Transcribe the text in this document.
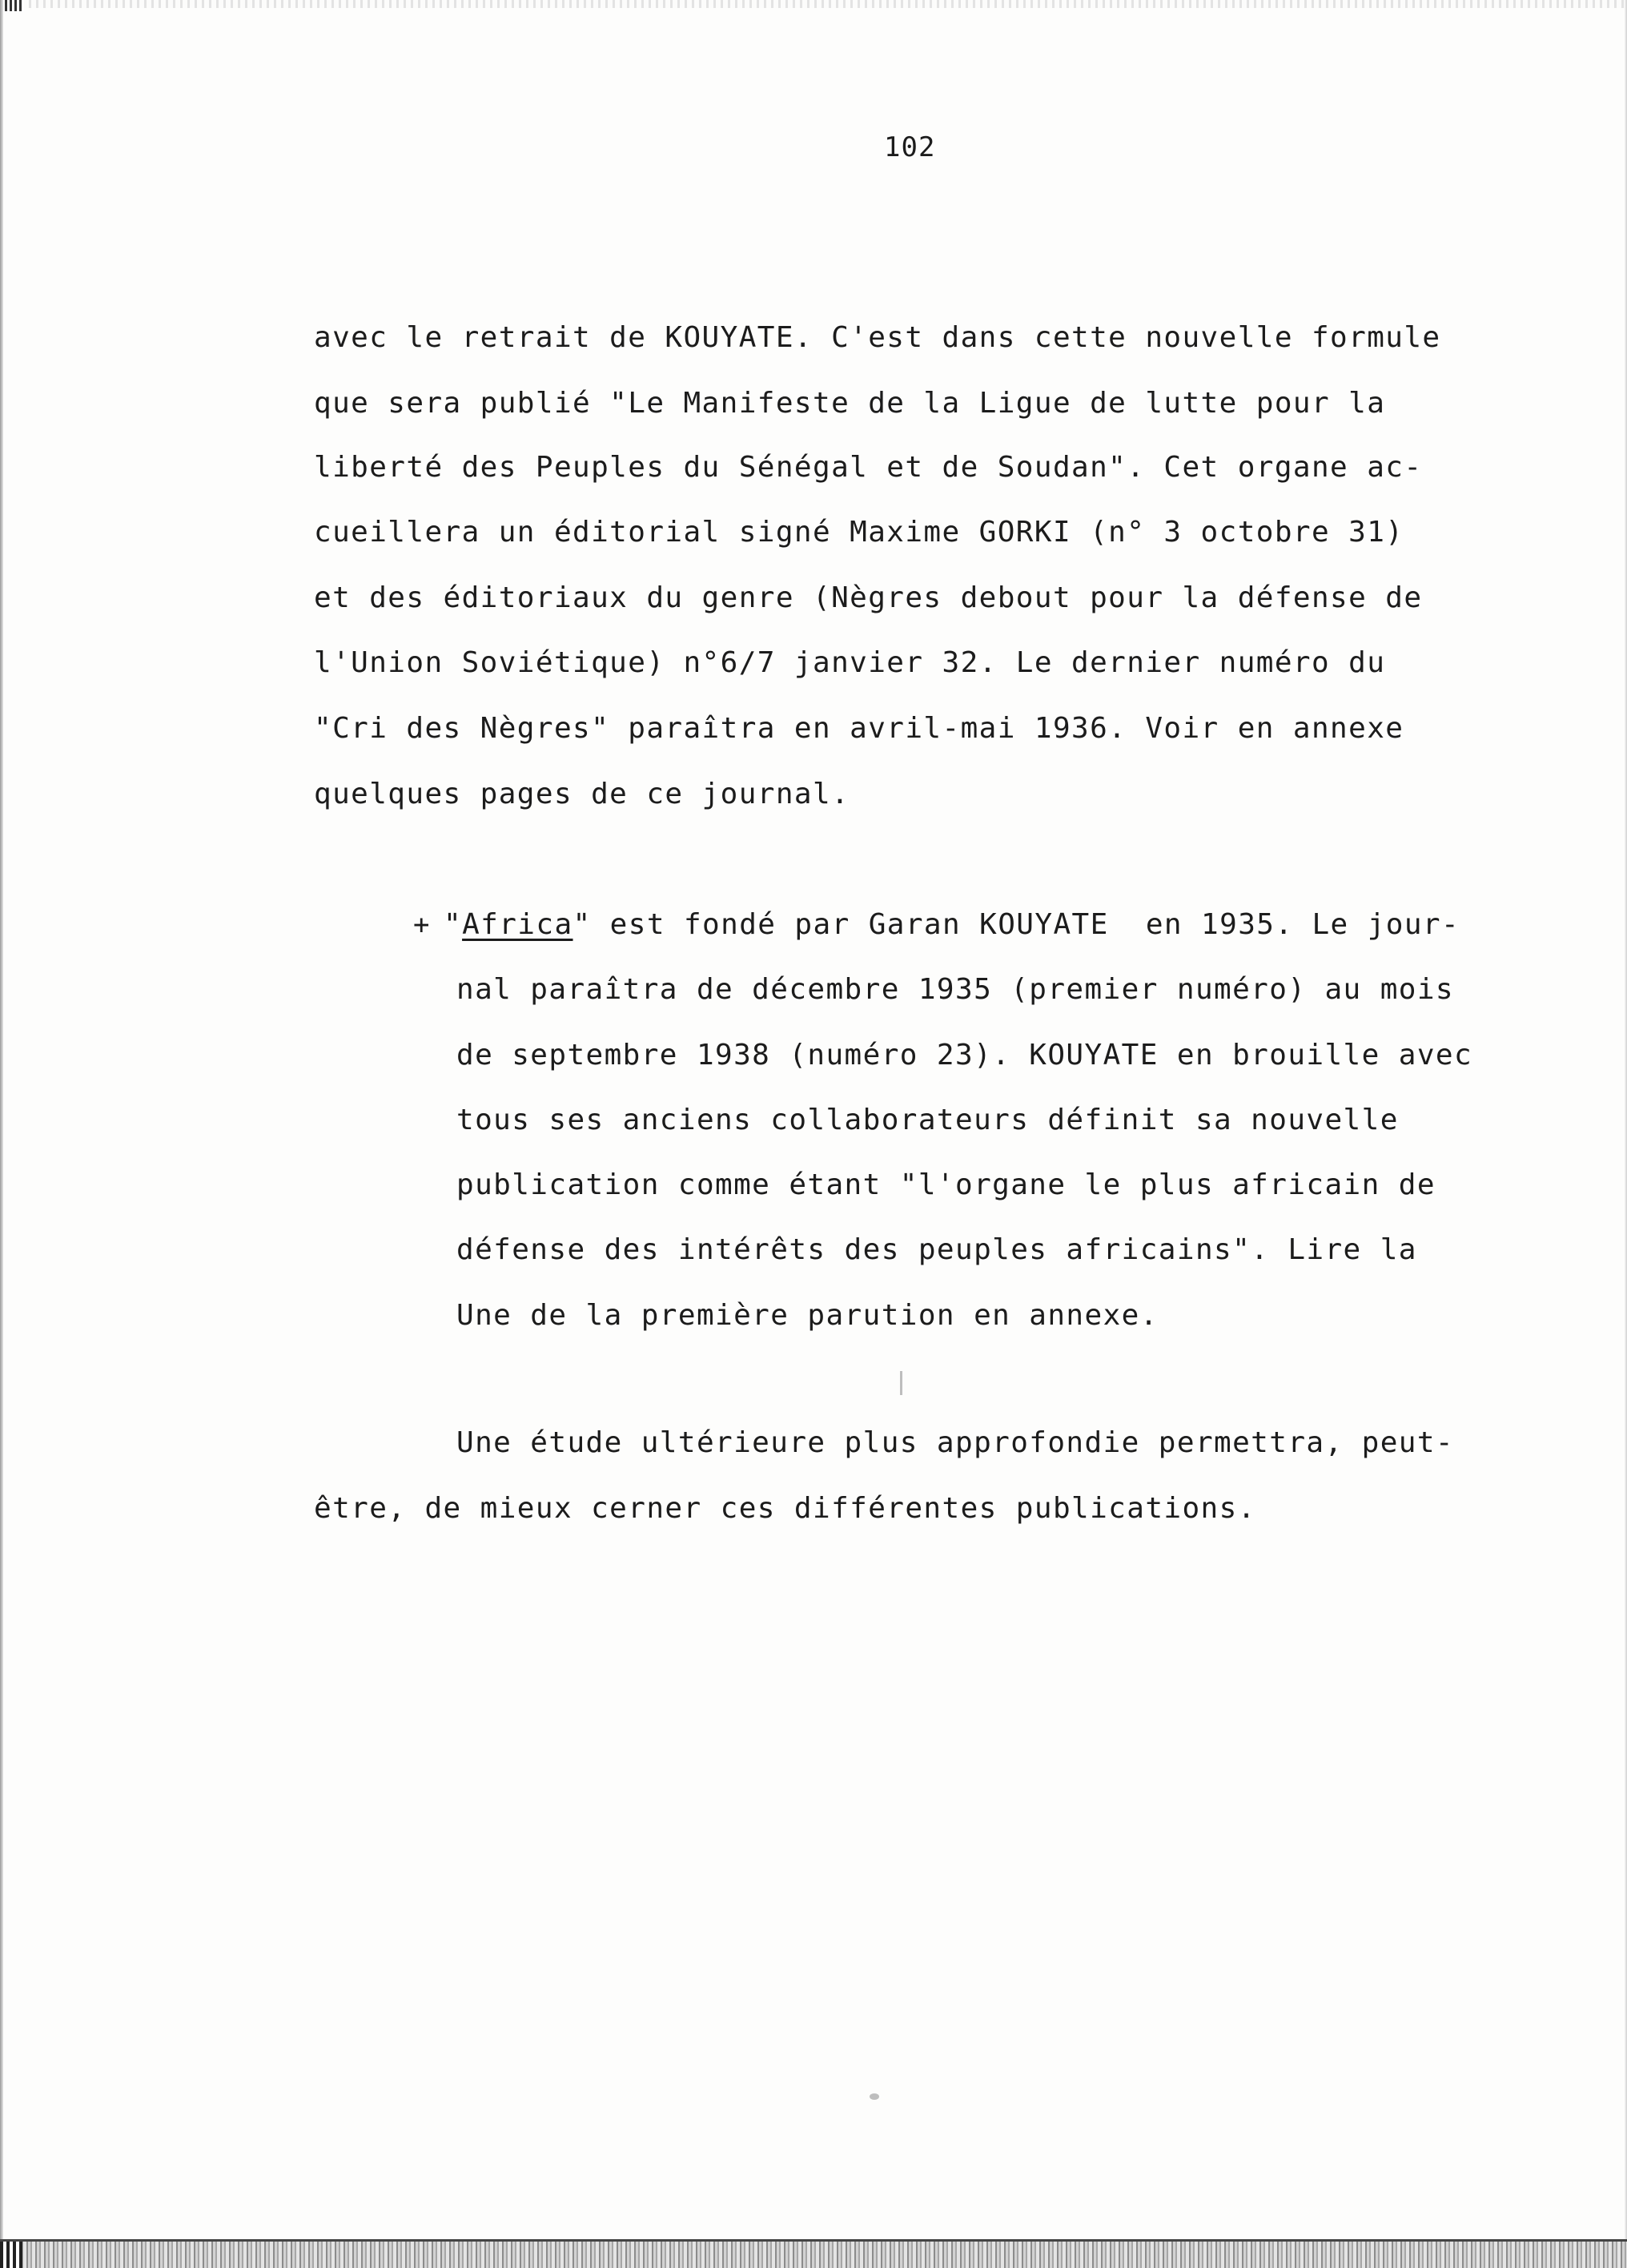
102
avec le retrait de KOUYATE. C'est dans cette nouvelle formule
que sera publié "Le Manifeste de la Ligue de lutte pour la
liberté des Peuples du Sénégal et de Soudan". Cet organe ac-
cueillera un éditorial signé Maxime GORKI (n° 3 octobre 31)
et des éditoriaux du genre (Nègres debout pour la défense de
l'Union Soviétique) n°6/7 janvier 32. Le dernier numéro du
"Cri des Nègres" paraîtra en avril-mai 1936. Voir en annexe
quelques pages de ce journal.
+ "Africa" est fondé par Garan KOUYATE  en 1935. Le jour-
nal paraîtra de décembre 1935 (premier numéro) au mois
de septembre 1938 (numéro 23). KOUYATE en brouille avec
tous ses anciens collaborateurs définit sa nouvelle
publication comme étant "l'organe le plus africain de
défense des intérêts des peuples africains". Lire la
Une de la première parution en annexe.
Une étude ultérieure plus approfondie permettra, peut-
être, de mieux cerner ces différentes publications.
